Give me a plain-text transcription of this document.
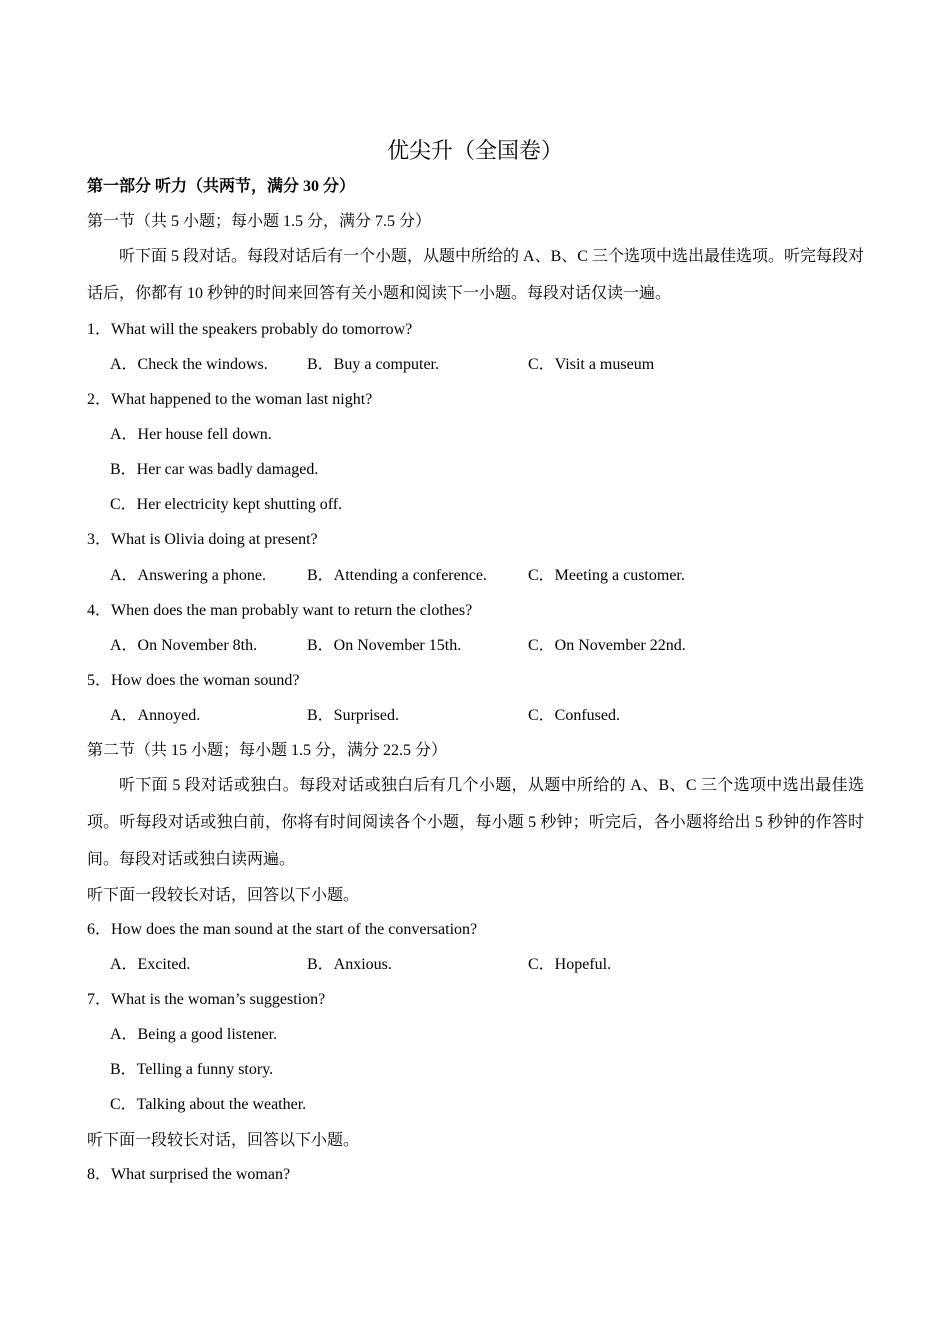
优尖升（全国卷）
第一部分 听力（共两节，满分 30 分）
第一节（共 5 小题；每小题 1.5 分，满分 7.5 分）
听下面 5 段对话。每段对话后有一个小题，从题中所给的 A、B、C 三个选项中选出最佳选项。听完每段对话后，你都有 10 秒钟的时间来回答有关小题和阅读下一小题。每段对话仅读一遍。
1．What will the speakers probably do tomorrow?
A．Check the windows. B．Buy a computer.	C．Visit a museum
2．What happened to the woman last night?
A．Her house fell down.
B．Her car was badly damaged.
C．Her electricity kept shutting off.
3．What is Olivia doing at present?
A．Answering a phone.	B．Attending a conference.	C．Meeting a customer.
4．When does the man probably want to return the clothes?
A．On November 8th.	B．On November 15th.	C．On November 22nd.
5．How does the woman sound?
A．Annoyed.	B．Surprised.	C．Confused.
第二节（共 15 小题；每小题 1.5 分，满分 22.5 分）
听下面 5 段对话或独白。每段对话或独白后有几个小题，从题中所给的 A、B、C 三个选项中选出最佳选项。听每段对话或独白前，你将有时间阅读各个小题，每小题 5 秒钟；听完后，各小题将给出 5 秒钟的作答时间。每段对话或独白读两遍。
听下面一段较长对话，回答以下小题。
6．How does the man sound at the start of the conversation?
A．Excited.	B．Anxious.	C．Hopeful.
7．What is the woman’s suggestion?
A．Being a good listener.
B．Telling a funny story.
C．Talking about the weather.
听下面一段较长对话，回答以下小题。
8．What surprised the woman?
